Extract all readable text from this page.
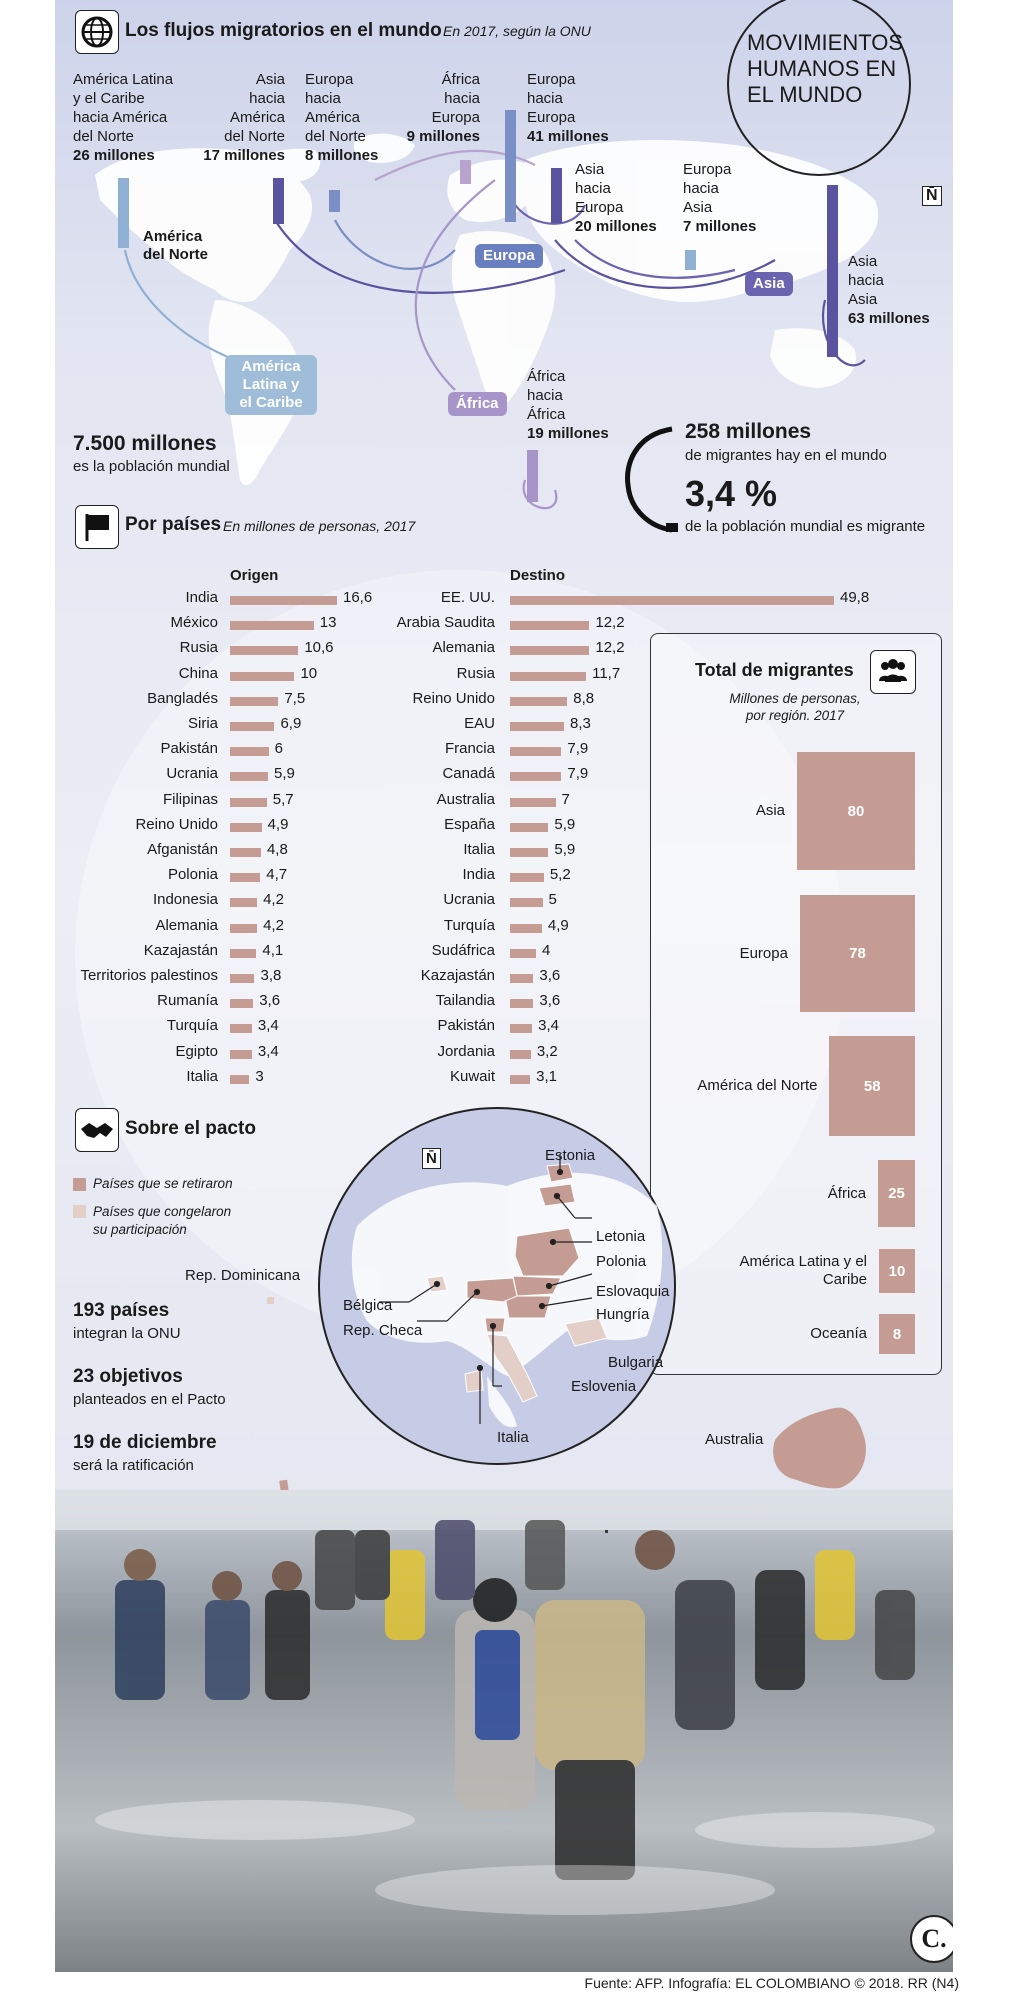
Los flujos migratorios en el mundo En 2017, según la ONU	MOVIMIENTOS HUMANOS EN EL MUNDO
América Latina
y el Caribe
hacia América
del Norte
26 millones
Asia
hacia
América
del Norte
17 millones
Europa
hacia
América
del Norte
8 millones
África
hacia
Europa
9 millones
Europa
hacia
Europa
41 millones
Asia
hacia
Europa
20 millones
Europa
hacia
Asia
7 millones
Asia
hacia
Asia
63 millones
África
hacia
África
19 millones
N̄
América
del Norte
América
Latina y
el Caribe
Europa
Asia
África
7.500 millones
es la población mundial
258 millones
de migrantes hay en el mundo
3,4 %
de la población mundial es migrante
Por países En millones de personas, 2017
Origen	Destino
Total de migrantes
Millones de personas,
por región. 2017
Sobre el pacto
Países que se retiraron
Países que congelaron
su participación
193 países
integran la ONU
23 objetivos
planteados en el Pacto
19 de diciembre
será la ratificación
Estonia
Letonia
Polonia
Eslovaquia
Hungría
Bélgica
Rep. Checa
Bulgaria
Eslovenia
Italia
N̄
Rep. Dominicana
Australia
C.
India	16,6
México	13
Rusia	10,6
China	10
Bangladés	7,5
Siria	6,9
Pakistán	6
Ucrania	5,9
Filipinas	5,7
Reino Unido	4,9
Afganistán	4,8
Polonia	4,7
Indonesia	4,2
Alemania	4,2
Kazajastán	4,1
Territorios palestinos	3,8
Rumanía	3,6
Turquía	3,4
Egipto	3,4
Italia 3
EE. UU.	49,8
Arabia Saudita	12,2
Alemania	12,2
Rusia	11,7
Reino Unido	8,8
EAU	8,3
Francia	7,9
Canadá	7,9
Australia	7
España	5,9
Italia	5,9
India	5,2
Ucrania	5
Turquía	4,9
Sudáfrica	4
Kazajastán	3,6
Tailandia	3,6
Pakistán	3,4
Jordania	3,2
Kuwait	3,1
80
Asia
78
Europa
58
América del Norte
25
África
10
América Latina y el Caribe
8
Oceanía
Fuente: AFP. Infografía: EL COLOMBIANO © 2018. RR (N4)
